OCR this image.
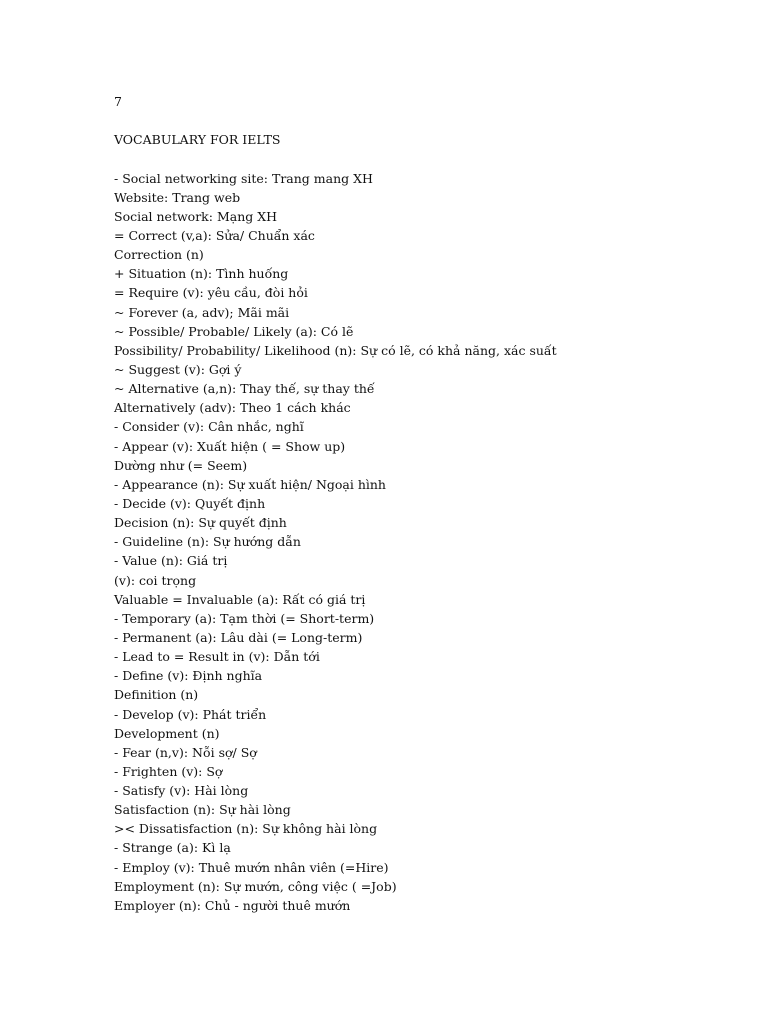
7
VOCABULARY FOR IELTS
- Social networking site: Trang mang XH
Website: Trang web
Social network: Mạng XH
= Correct (v,a): Sửa/ Chuẩn xác
Correction (n)
+ Situation (n): Tình huống
= Require (v): yêu cầu, đòi hỏi
~ Forever (a, adv); Mãi mãi
~ Possible/ Probable/ Likely (a): Có lẽ
Possibility/ Probability/ Likelihood (n): Sự có lẽ, có khả năng, xác suất
~ Suggest (v): Gợi ý
~ Alternative (a,n): Thay thế, sự thay thế
Alternatively (adv): Theo 1 cách khác
- Consider (v): Cân nhắc, nghĩ
- Appear (v): Xuất hiện ( = Show up)
Dường như (= Seem)
- Appearance (n): Sự xuất hiện/ Ngoại hình
- Decide (v): Quyết định
Decision (n): Sự quyết định
- Guideline (n): Sự hướng dẫn
- Value (n): Giá trị
(v): coi trọng
Valuable = Invaluable (a): Rất có giá trị
- Temporary (a): Tạm thời (= Short-term)
- Permanent (a): Lâu dài (= Long-term)
- Lead to = Result in (v): Dẫn tới
- Define (v): Định nghĩa
Definition (n)
- Develop (v): Phát triển
Development (n)
- Fear (n,v): Nỗi sợ/ Sợ
- Frighten (v): Sợ
- Satisfy (v): Hài lòng
Satisfaction (n): Sự hài lòng
>< Dissatisfaction (n): Sự không hài lòng
- Strange (a): Kì lạ
- Employ (v): Thuê mướn nhân viên (=Hire)
Employment (n): Sự mướn, công việc ( =Job)
Employer (n): Chủ - người thuê mướn
